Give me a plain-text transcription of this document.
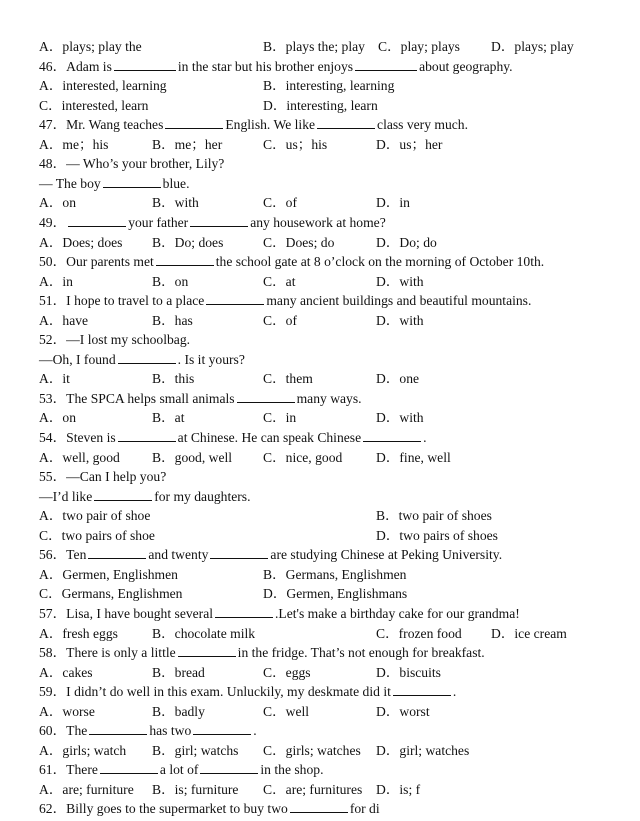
A．plays; play the	B．plays the; play C．play; plays D．plays; play
46．Adam is	in the star but his brother enjoys	about geography.
A．interested, learning	B．interesting, learning
C．interested, learn	D．interesting, learn
47．Mr. Wang teaches	English. We like	class very much.
A．me；his	B．me；her	C．us；his	D．us；her
48．— Who’s your brother, Lily?
— The boy	blue.
A．on	B．with	C．of	D．in
49．	your father	any housework at home?
A．Does; does B．Do; does	C．Does; do	D．Do; do
50．Our parents met	the school gate at 8 o’clock on the morning of October 10th.
A．in	B．on	C．at	D．with
51．I hope to travel to a place	many ancient buildings and beautiful mountains.
A．have	B．has	C．of	D．with
52．—I lost my schoolbag.
—Oh, I found	. Is it yours?
A．it	B．this	C．them	D．one
53．The SPCA helps small animals	many ways.
A．on	B．at	C．in	D．with
54．Steven is	at Chinese. He can speak Chinese	.
A．well, good B．good, well C．nice, good D．fine, well
55．—Can I help you?
—I’d like	for my daughters.
A．two pair of shoe	B．two pair of shoes
C．two pairs of shoe	D．two pairs of shoes
56．Ten	and twenty	are studying Chinese at Peking University.
A．Germen, Englishmen	B．Germans, Englishmen
C．Germans, Englishmen	D．Germen, Englishmans
57．Lisa, I have bought several	.Let's make a birthday cake for our grandma!
A．fresh eggs	B．chocolate milk	C．frozen food D．ice cream
58．There is only a little	in the fridge. That’s not enough for breakfast.
A．cakes	B．bread	C．eggs	D．biscuits
59．I didn’t do well in this exam. Unluckily, my deskmate did it	.
A．worse	B．badly	C．well	D．worst
60．The	has two	.
A．girls; watch B．girl; watchs C．girls; watches D．girl; watches
61．There	a lot of	in the shop.
A．are; furniture B．is; furniture C．are; furnitures D．is; f
62．Billy goes to the supermarket to buy two	for di
